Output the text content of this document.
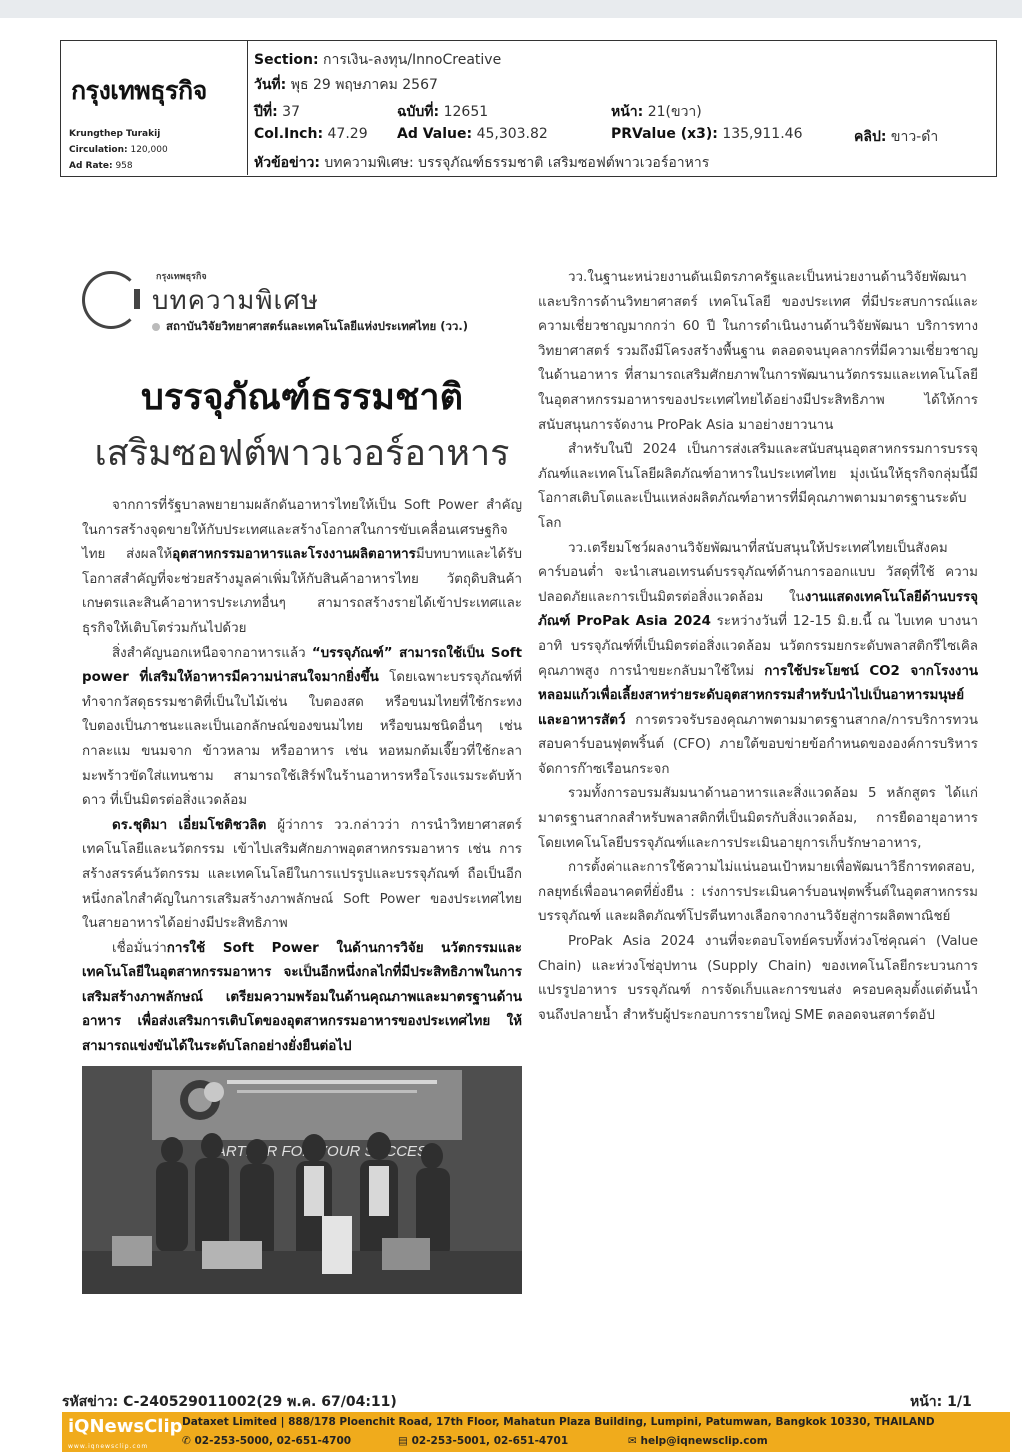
กรุงเทพธุรกิจ
Krungthep Turakij
Circulation: 120,000
Ad Rate: 958
Section: การเงิน-ลงทุน/InnoCreative
วันที่: พุธ 29 พฤษภาคม 2567
ปีที่: 37	ฉบับที่: 12651	หน้า: 21(ขวา)
Col.Inch: 47.29 Ad Value: 45,303.82	PRValue (x3): 135,911.46	คลิป: ขาว-ดำ
หัวข้อข่าว: บทความพิเศษ: บรรจุภัณฑ์ธรรมชาติ เสริมซอฟต์พาวเวอร์อาหาร
กรุงเทพธุรกิจ
บทความพิเศษ
สถาบันวิจัยวิทยาศาสตร์และเทคโนโลยีแห่งประเทศไทย (วว.)
บรรจุภัณฑ์ธรรมชาติ
เสริมซอฟต์พาวเวอร์อาหาร

จากการที่รัฐบาลพยายามผลักดันอาหารไทยให้เป็น Soft Power สำคัญในการสร้างจุดขายให้กับประเทศและสร้างโอกาสในการขับเคลื่อนเศรษฐกิจไทย ส่งผลให้อุตสาหกรรมอาหารและโรงงานผลิตอาหารมีบทบาทและได้รับโอกาสสำคัญที่จะช่วยสร้างมูลค่าเพิ่มให้กับสินค้าอาหารไทย วัตถุดิบสินค้าเกษตรและสินค้าอาหารประเภทอื่นๆ สามารถสร้างรายได้เข้าประเทศและธุรกิจให้เติบโตร่วมกันไปด้วย

สิ่งสำคัญนอกเหนือจากอาหารแล้ว “บรรจุภัณฑ์” สามารถใช้เป็น Soft power ที่เสริมให้อาหารมีความน่าสนใจมากยิ่งขึ้น โดยเฉพาะบรรจุภัณฑ์ที่ทำจากวัสดุธรรมชาติที่เป็นใบไม้เช่น ใบตองสด หรือขนมไทยที่ใช้กระทงใบตองเป็นภาชนะและเป็นเอกลักษณ์ของขนมไทย หรือขนมชนิดอื่นๆ เช่น กาละแม ขนมจาก ข้าวหลาม หรืออาหาร เช่น หอหมกต้มเจี๊ยวที่ใช้กะลามะพร้าวขัดใส่แทนชาม สามารถใช้เสิร์ฟในร้านอาหารหรือโรงแรมระดับห้าดาว ที่เป็นมิตรต่อสิ่งแวดล้อม

ดร.ชุติมา เอี่ยมโชติชวลิต ผู้ว่าการ วว.กล่าวว่า การนำวิทยาศาสตร์เทคโนโลยีและนวัตกรรม เข้าไปเสริมศักยภาพอุตสาหกรรมอาหาร เช่น การสร้างสรรค์นวัตกรรม และเทคโนโลยีในการแปรรูปและบรรจุภัณฑ์ ถือเป็นอีกหนึ่งกลไกสำคัญในการเสริมสร้างภาพลักษณ์ Soft Power ของประเทศไทย ในสายอาหารได้อย่างมีประสิทธิภาพ

เชื่อมั่นว่าการใช้ Soft Power ในด้านการวิจัย นวัตกรรมและเทคโนโลยีในอุตสาหกรรมอาหาร จะเป็นอีกหนึ่งกลไกที่มีประสิทธิภาพในการเสริมสร้างภาพลักษณ์ เตรียมความพร้อมในด้านคุณภาพและมาตรฐานด้านอาหาร เพื่อส่งเสริมการเติบโตของอุตสาหกรรมอาหารของประเทศไทย ให้สามารถแข่งขันได้ในระดับโลกอย่างยั่งยืนต่อไป

วว.ในฐานะหน่วยงานดันเมิตรภาครัฐและเป็นหน่วยงานด้านวิจัยพัฒนาและบริการด้านวิทยาศาสตร์ เทคโนโลยี ของประเทศ ที่มีประสบการณ์และความเชี่ยวชาญมากกว่า 60 ปี ในการดำเนินงานด้านวิจัยพัฒนา บริการทางวิทยาศาสตร์ รวมถึงมีโครงสร้างพื้นฐาน ตลอดจนบุคลากรที่มีความเชี่ยวชาญในด้านอาหาร ที่สามารถเสริมศักยภาพในการพัฒนานวัตกรรมและเทคโนโลยีในอุตสาหกรรมอาหารของประเทศไทยได้อย่างมีประสิทธิภาพ ได้ให้การสนับสนุนการจัดงาน ProPak Asia มาอย่างยาวนาน

สำหรับในปี 2024 เป็นการส่งเสริมและสนับสนุนอุตสาหกรรมการบรรจุภัณฑ์และเทคโนโลยีผลิตภัณฑ์อาหารในประเทศไทย มุ่งเน้นให้ธุรกิจกลุ่มนี้มีโอกาสเติบโตและเป็นแหล่งผลิตภัณฑ์อาหารที่มีคุณภาพตามมาตรฐานระดับโลก

วว.เตรียมโชว์ผลงานวิจัยพัฒนาที่สนับสนุนให้ประเทศไทยเป็นสังคมคาร์บอนต่ำ จะนำเสนอเทรนด์บรรจุภัณฑ์ด้านการออกแบบ วัสดุที่ใช้ ความปลอดภัยและการเป็นมิตรต่อสิ่งแวดล้อม ในงานแสดงเทคโนโลยีด้านบรรจุภัณฑ์ ProPak Asia 2024 ระหว่างวันที่ 12-15 มิ.ย.นี้ ณ ไบเทค บางนา อาทิ บรรจุภัณฑ์ที่เป็นมิตรต่อสิ่งแวดล้อม นวัตกรรมยกระดับพลาสติกรีไซเคิลคุณภาพสูง การนำขยะกลับมาใช้ใหม่ การใช้ประโยชน์ CO2 จากโรงงานหลอมแก้วเพื่อเลี้ยงสาหร่ายระดับอุตสาหกรรมสำหรับนำไปเป็นอาหารมนุษย์และอาหารสัตว์ การตรวจรับรองคุณภาพตามมาตรฐานสากล/การบริการทวนสอบคาร์บอนฟุตพริ้นต์ (CFO) ภายใต้ขอบข่ายข้อกำหนดขององค์การบริหารจัดการก๊าซเรือนกระจก

รวมทั้งการอบรมสัมมนาด้านอาหารและสิ่งแวดล้อม 5 หลักสูตร ได้แก่ มาตรฐานสากลสำหรับพลาสติกที่เป็นมิตรกับสิ่งแวดล้อม, การยืดอายุอาหารโดยเทคโนโลยีบรรจุภัณฑ์และการประเมินอายุการเก็บรักษาอาหาร,

การตั้งค่าและการใช้ความไม่แน่นอนเป้าหมายเพื่อพัฒนาวิธีการทดสอบ, กลยุทธ์เพื่ออนาคตที่ยั่งยืน : เร่งการประเมินคาร์บอนฟุตพริ้นต์ในอุตสาหกรรมบรรจุภัณฑ์ และผลิตภัณฑ์โปรตีนทางเลือกจากงานวิจัยสู่การผลิตพาณิชย์

ProPak Asia 2024 งานที่จะตอบโจทย์ครบทั้งห่วงโซ่คุณค่า (Value Chain) และห่วงโซ่อุปทาน (Supply Chain) ของเทคโนโลยีกระบวนการแปรรูปอาหาร บรรจุภัณฑ์ การจัดเก็บและการขนส่ง ครอบคลุมตั้งแต่ต้นน้ำจนถึงปลายน้ำ สำหรับผู้ประกอบการรายใหญ่ SME ตลอดจนสตาร์ตอัป

PARTNER FOR YOUR SUCCESS
รหัสข่าว: C-240529011002(29 พ.ค. 67/04:11)	หน้า: 1/1
iQNewsClip
www.iqnewsclip.com
Dataxet Limited | 888/178 Ploenchit Road, 17th Floor, Mahatun Plaza Building, Lumpini, Patumwan, Bangkok 10330, THAILAND
✆ 02-253-5000, 02-651-4700	▤ 02-253-5001, 02-651-4701	✉ help@iqnewsclip.com
